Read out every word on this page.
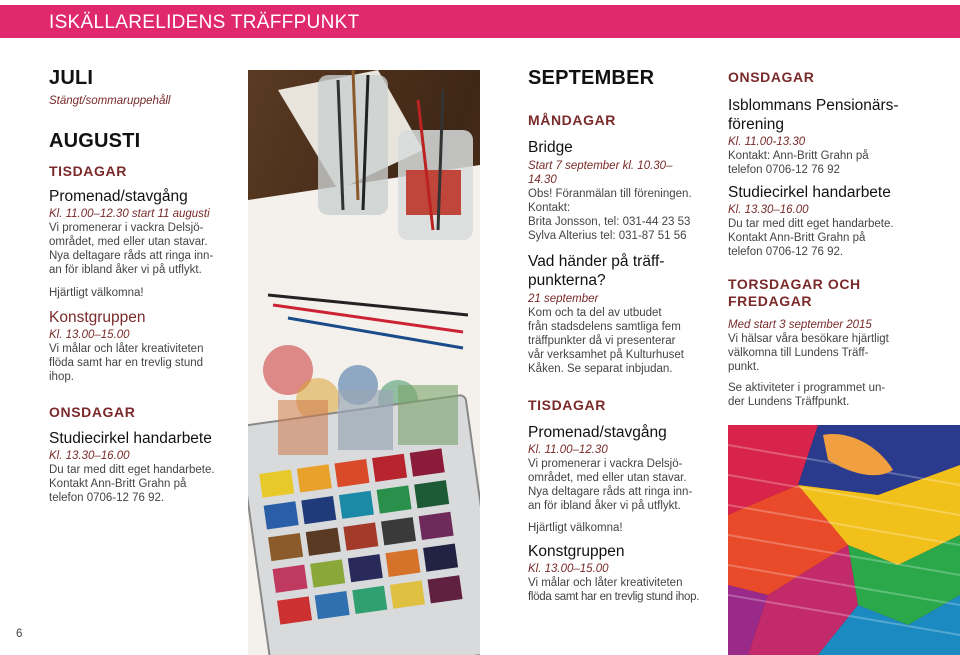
ISKÄLLARELIDENS TRÄFFPUNKT

JULI

Stängt/sommaruppehåll

AUGUSTI

TISDAGAR

Promenad/stavgång

Kl. 11.00–12.30 start 11 augusti

Vi promenerar i vackra Delsjö-

området, med eller utan stavar.

Nya deltagare råds att ringa inn-

an för ibland åker vi på utflykt.

Hjärtligt välkomna!

Konstgruppen

Kl. 13.00–15.00

Vi målar och låter kreativiteten

flöda samt har en trevlig stund

ihop.

ONSDAGAR

Studiecirkel handarbete

Kl. 13.30–16.00

Du tar med ditt eget handarbete.

Kontakt Ann-Britt Grahn på

telefon 0706-12 76 92.

SEPTEMBER

MÅNDAGAR

Bridge

Start 7 september kl. 10.30–

14.30

Obs! Föranmälan till föreningen.

Kontakt:

Brita Jonsson, tel: 031-44 23 53

Sylva Alterius tel: 031-87 51 56

Vad händer på träff-

punkterna?

21 september

Kom och ta del av utbudet

från stadsdelens samtliga fem

träffpunkter då vi presenterar

vår verksamhet på Kulturhuset

Kåken. Se separat inbjudan.

TISDAGAR

Promenad/stavgång

Kl. 11.00–12.30

Vi promenerar i vackra Delsjö-

området, med eller utan stavar.

Nya deltagare råds att ringa inn-

an för ibland åker vi på utflykt.

Hjärtligt välkomna!

Konstgruppen

Kl. 13.00–15.00

Vi målar och låter kreativiteten

flöda samt har en trevlig stund ihop.

ONSDAGAR

Isblommans Pensionärs-

förening

Kl. 11.00-13.30

Kontakt: Ann-Britt Grahn på

telefon 0706-12 76 92

Studiecirkel handarbete

Kl. 13.30–16.00

Du tar med ditt eget handarbete.

Kontakt Ann-Britt Grahn på

telefon 0706-12 76 92.

TORSDAGAR OCH

FREDAGAR

Med start 3 september 2015

Vi hälsar våra besökare hjärtligt

välkomna till Lundens Träff-

punkt.

Se aktiviteter i programmet un-

der Lundens Träffpunkt.

6
